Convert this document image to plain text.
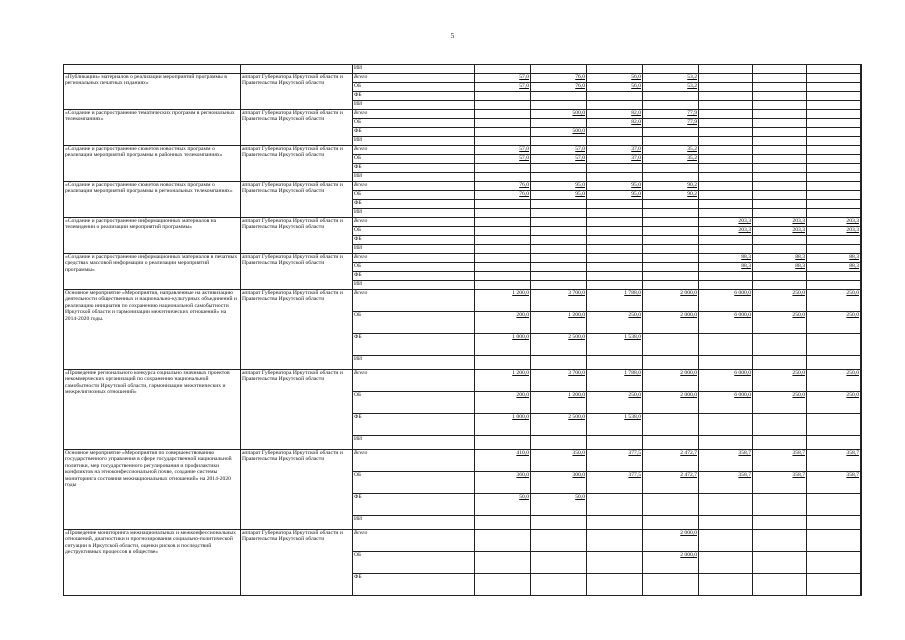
5
		ИИ								
«Публикации» материалов о реализации мероприятий программы в региональных печатных изданиях»	аппарат Губернатора Иркутской области и Правительства Иркутской области	Всего	57,0	76,0	56,0	53,2				
		ОБ	57,0	76,0	56,0	53,2				
		ФБ								
		ИИ								
«Создание и распространение тематических программ в региональных телекомпаниях»	аппарат Губернатора Иркутской области и Правительства Иркутской области	Всего		500,0	82,0	77,9				
		ОБ			82,0	77,9				
		ФБ		500,0						
		ИИ								
«Создание и распространение сюжетов новостных программ о реализации мероприятий программы в районных телекомпаниях»	аппарат Губернатора Иркутской области и Правительства Иркутской области	Всего	57,0	57,0	37,0	35,2				
		ОБ	57,0	57,0	37,0	35,2				
		ФБ								
		ИИ								
«Создание и распространение сюжетов новостных программ о реализации мероприятий программы в региональных телекомпаниях»	аппарат Губернатора Иркутской области и Правительства Иркутской области	Всего	76,0	95,0	95,0	90,2				
		ОБ	76,0	95,0	95,0	90,2				
		ФБ								
		ИИ								
«Создание и распространение информационных материалов на телевидении о реализации мероприятий программы»	аппарат Губернатора Иркутской области и Правительства Иркутской области	Всего					203,3	203,3	203,3	
		ОБ					203,3	203,3	203,3	
		ФБ								
		ИИ								
«Создание и распространение информационных материалов в печатных средствах массовой информации о реализации мероприятий программы»	аппарат Губернатора Иркутской области и Правительства Иркутской области	Всего					88,3	88,3	88,3	
		ОБ					88,3	88,3	88,3	
		ФБ								
		ИИ								
Основное мероприятие «Мероприятия, направленные на активизацию деятельности общественных и национально-культурных объединений и реализацию инициатив по сохранению национальной самобытности Иркутской области и гармонизации межэтнических отношений» на 2014-2020 годы.	аппарат Губернатора Иркутской области и Правительства Иркутской области	Всего	1 200,0	3 700,0	1 788,0	2 000,0	6 000,0	250,0	250,0	
		ОБ	200,0	1 200,0	250,0	2 000,0	6 000,0	250,0	250,0	
		ФБ	1 000,0	2 500,0	1 538,0					
		ИИ								
«Проведение регионального конкурса социально значимых проектов некоммерческих организаций по сохранению национальной самобытности Иркутской области, гармонизации межэтнических и межрелигиозных отношений»	аппарат Губернатора Иркутской области и Правительства Иркутской области	Всего	1 200,0	3 700,0	1 788,0	2 000,0	6 000,0	250,0	250,0	
		ОБ	200,0	1 200,0	250,0	2 000,0	6 000,0	250,0	250,0	
		ФБ	1 000,0	2 500,0	1 538,0					
		ИИ								
Основное мероприятие «Мероприятия по совершенствованию государственного управления в сфере государственной национальной политики, мер государственного регулирования и профилактики конфликтов на этноконфессиональной почве, создание системы мониторинга состояния межнациональных отношений» на 2014-2020 годы	аппарат Губернатора Иркутской области и Правительства Иркутской области	Всего	410,0	350,0	377,5	2 472,7	358,7	358,7	358,7	
		ОБ	360,0	300,0	377,5	2 472,7	358,7	358,7	358,7	
		ФБ	50,0	50,0						
		ИИ								
«Проведение мониторинга межнациональных и межконфессиональных отношений, диагностики и прогнозирования социально-политической ситуации в Иркутской области, оценки рисков и последствий деструктивных процессов в обществе»	аппарат Губернатора Иркутской области и Правительства Иркутской области	Всего				2 000,0				
		ОБ				2 000,0				
		ФБ								
